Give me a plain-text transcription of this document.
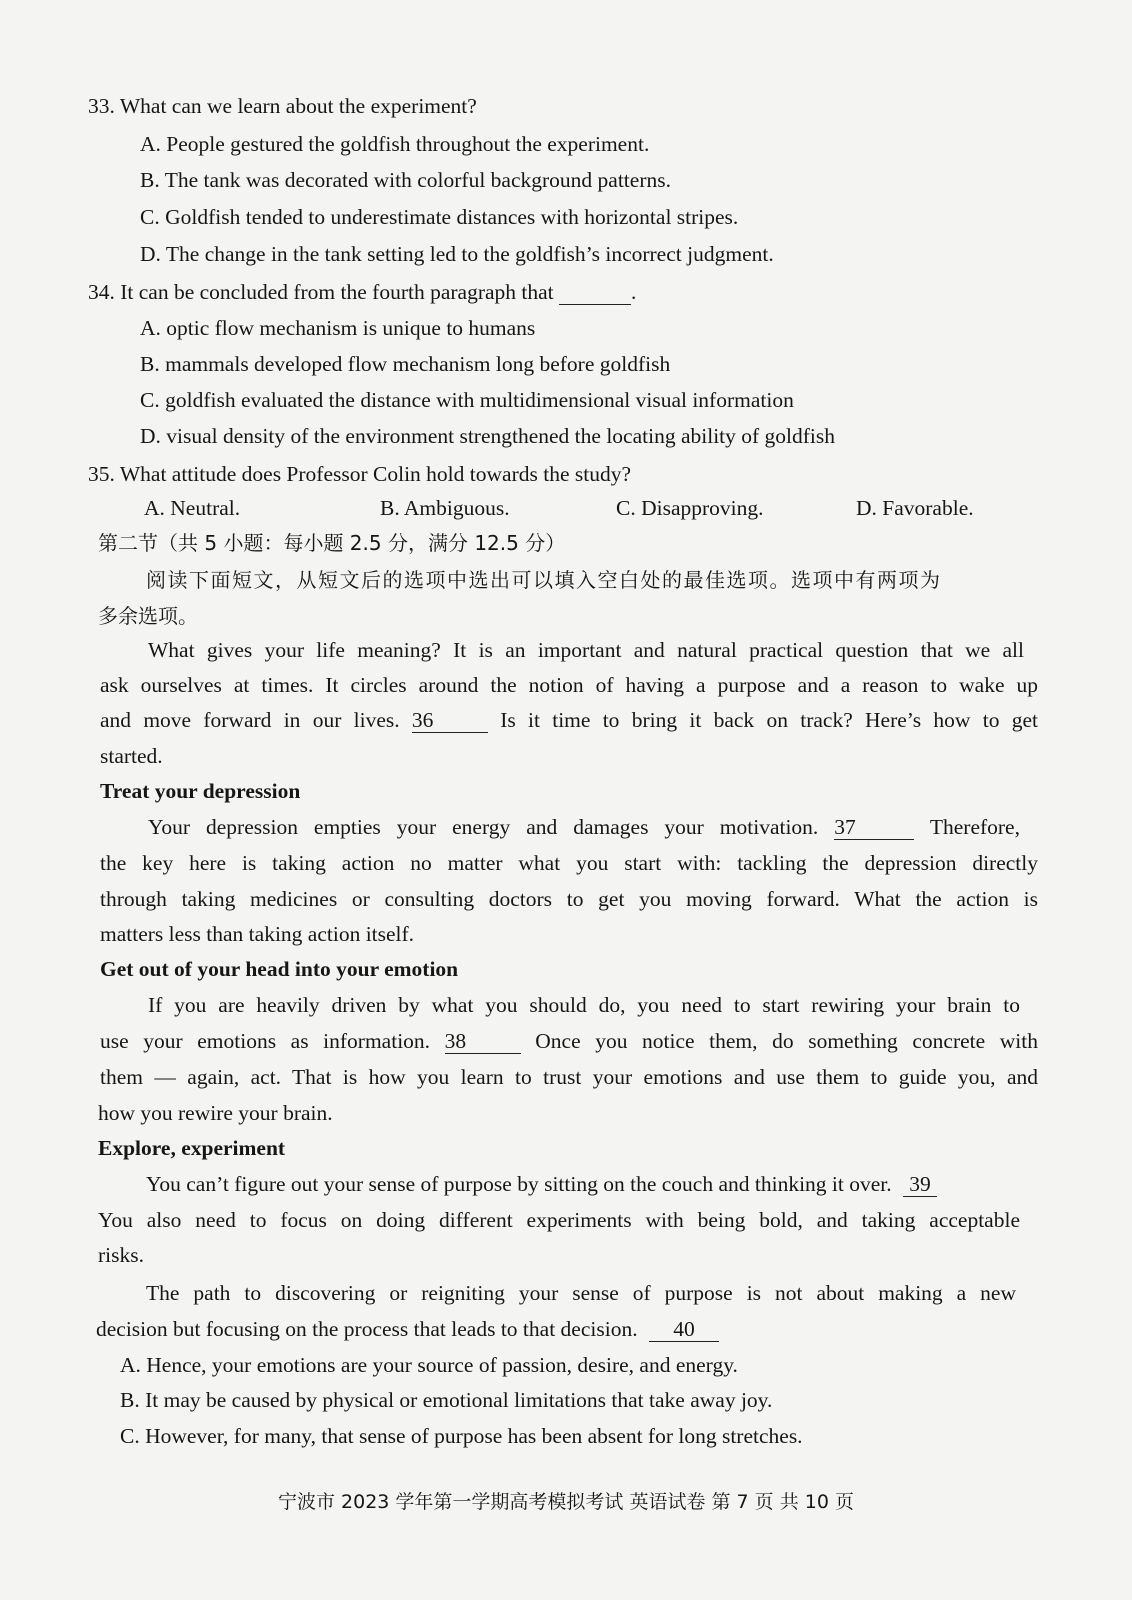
33. What can we learn about the experiment?
A. People gestured the goldfish throughout the experiment.
B. The tank was decorated with colorful background patterns.
C. Goldfish tended to underestimate distances with horizontal stripes.
D. The change in the tank setting led to the goldfish’s incorrect judgment.
34. It can be concluded from the fourth paragraph that	.
A. optic flow mechanism is unique to humans
B. mammals developed flow mechanism long before goldfish
C. goldfish evaluated the distance with multidimensional visual information
D. visual density of the environment strengthened the locating ability of goldfish
35. What attitude does Professor Colin hold towards the study?
A. Neutral.	B. Ambiguous.	C. Disapproving.	D. Favorable.
第二节（共 5 小题：每小题 2.5 分，满分 12.5 分）
阅读下面短文，从短文后的选项中选出可以填入空白处的最佳选项。选项中有两项为
多余选项。
What gives your life meaning? It is an important and natural practical question that we all
ask ourselves at times. It circles around the notion of having a purpose and a reason to wake up
and move forward in our lives. 36	Is it time to bring it back on track? Here’s how to get
started.
Treat your depression
Your depression empties your energy and damages your motivation. 37	Therefore,
the key here is taking action no matter what you start with: tackling the depression directly
through taking medicines or consulting doctors to get you moving forward. What the action is
matters less than taking action itself.
Get out of your head into your emotion
If you are heavily driven by what you should do, you need to start rewiring your brain to
use your emotions as information. 38	Once you notice them, do something concrete with
them — again, act. That is how you learn to trust your emotions and use them to guide you, and
how you rewire your brain.
Explore, experiment
You can’t figure out your sense of purpose by sitting on the couch and thinking it over. 39
You also need to focus on doing different experiments with being bold, and taking acceptable
risks.
The path to discovering or reigniting your sense of purpose is not about making a new
decision but focusing on the process that leads to that decision. 40
A. Hence, your emotions are your source of passion, desire, and energy.
B. It may be caused by physical or emotional limitations that take away joy.
C. However, for many, that sense of purpose has been absent for long stretches.
宁波市 2023 学年第一学期高考模拟考试 英语试卷 第 7 页 共 10 页
